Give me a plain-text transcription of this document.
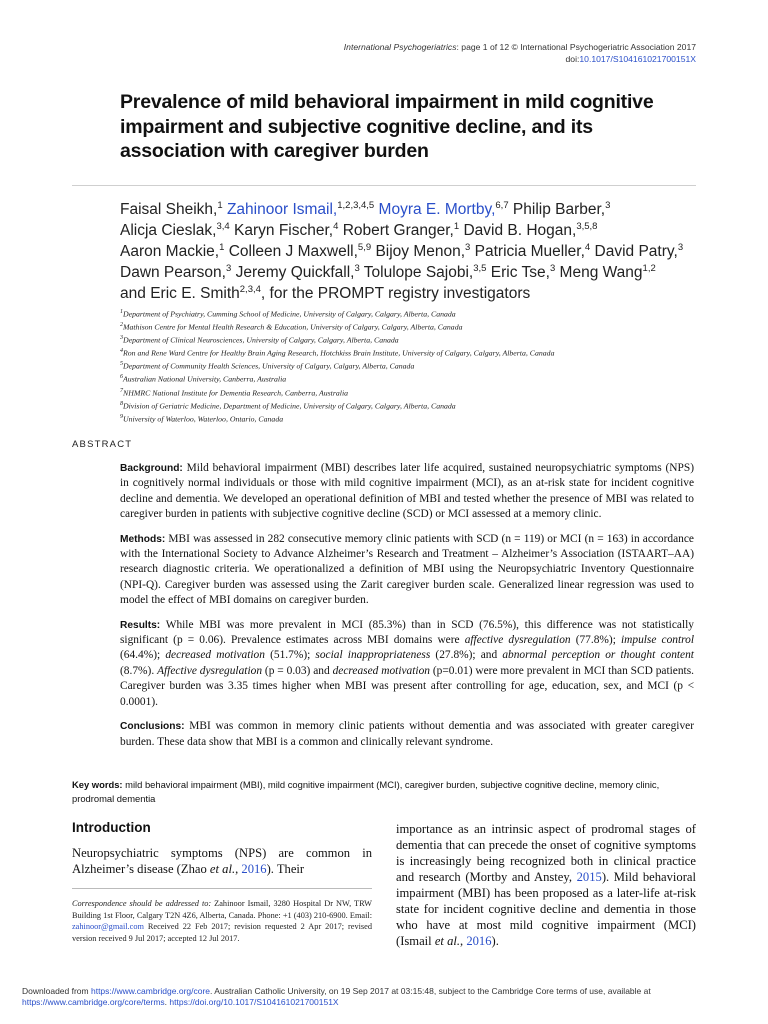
International Psychogeriatrics: page 1 of 12 © International Psychogeriatric Association 2017
doi:10.1017/S104161021700151X
Prevalence of mild behavioral impairment in mild cognitive impairment and subjective cognitive decline, and its association with caregiver burden
Faisal Sheikh,$^1$ Zahinoor Ismail,$^{1,2,3,4,5}$ Moyra E. Mortby,$^{6,7}$ Philip Barber,$^3$
Alicja Cieslak,$^{3,4}$ Karyn Fischer,$^4$ Robert Granger,$^1$ David B. Hogan,$^{3,5,8}$
Aaron Mackie,$^1$ Colleen J Maxwell,$^{5,9}$ Bijoy Menon,$^3$ Patricia Mueller,$^4$ David Patry,$^3$
Dawn Pearson,$^3$ Jeremy Quickfall,$^3$ Tolulope Sajobi,$^{3,5}$ Eric Tse,$^3$ Meng Wang$^{1,2}$
and Eric E. Smith$^{2,3,4}$, for the PROMPT registry investigators
$^1$Department of Psychiatry, Cumming School of Medicine, University of Calgary, Calgary, Alberta, Canada
$^2$Mathison Centre for Mental Health Research & Education, University of Calgary, Calgary, Alberta, Canada
$^3$Department of Clinical Neurosciences, University of Calgary, Calgary, Alberta, Canada
$^4$Ron and Rene Ward Centre for Healthy Brain Aging Research, Hotchkiss Brain Institute, University of Calgary, Calgary, Alberta, Canada
$^5$Department of Community Health Sciences, University of Calgary, Calgary, Alberta, Canada
$^6$Australian National University, Canberra, Australia
$^7$NHMRC National Institute for Dementia Research, Canberra, Australia
$^8$Division of Geriatric Medicine, Department of Medicine, University of Calgary, Calgary, Alberta, Canada
$^9$University of Waterloo, Waterloo, Ontario, Canada
ABSTRACT

Background: Mild behavioral impairment (MBI) describes later life acquired, sustained neuropsychiatric symptoms (NPS) in cognitively normal individuals or those with mild cognitive impairment (MCI), as an at-risk state for incident cognitive decline and dementia. We developed an operational definition of MBI and tested whether the presence of MBI was related to caregiver burden in patients with subjective cognitive decline (SCD) or MCI assessed at a memory clinic.

Methods: MBI was assessed in 282 consecutive memory clinic patients with SCD (n = 119) or MCI (n = 163) in accordance with the International Society to Advance Alzheimer’s Research and Treatment – Alzheimer’s Association (ISTAART–AA) research diagnostic criteria. We operationalized a definition of MBI using the Neuropsychiatric Inventory Questionnaire (NPI-Q). Caregiver burden was assessed using the Zarit caregiver burden scale. Generalized linear regression was used to model the effect of MBI domains on caregiver burden.

Results: While MBI was more prevalent in MCI (85.3%) than in SCD (76.5%), this difference was not statistically significant (p = 0.06). Prevalence estimates across MBI domains were affective dysregulation (77.8%); impulse control (64.4%); decreased motivation (51.7%); social inappropriateness (27.8%); and abnormal perception or thought content (8.7%). Affective dysregulation (p = 0.03) and decreased motivation (p=0.01) were more prevalent in MCI than SCD patients. Caregiver burden was 3.35 times higher when MBI was present after controlling for age, education, sex, and MCI (p < 0.0001).

Conclusions: MBI was common in memory clinic patients without dementia and was associated with greater caregiver burden. These data show that MBI is a common and clinically relevant syndrome.

Key words: mild behavioral impairment (MBI), mild cognitive impairment (MCI), caregiver burden, subjective cognitive decline, memory clinic, prodromal dementia
Introduction
Neuropsychiatric symptoms (NPS) are common in Alzheimer’s disease (Zhao et al., 2016). Their
Correspondence should be addressed to: Zahinoor Ismail, 3280 Hospital Dr NW, TRW Building 1st Floor, Calgary T2N 4Z6, Alberta, Canada. Phone: +1 (403) 210-6900. Email: zahinoor@gmail.com Received 22 Feb 2017; revision requested 2 Apr 2017; revised version received 9 Jul 2017; accepted 12 Jul 2017.
importance as an intrinsic aspect of prodromal stages of dementia that can precede the onset of cognitive symptoms is increasingly being recognized both in clinical practice and research (Mortby and Anstey, 2015). Mild behavioral impairment (MBI) has been proposed as a later-life at-risk state for incident cognitive decline and dementia in those who have at most mild cognitive impairment (MCI) (Ismail et al., 2016).
Downloaded from https://www.cambridge.org/core. Australian Catholic University, on 19 Sep 2017 at 03:15:48, subject to the Cambridge Core terms of use, available at
https://www.cambridge.org/core/terms. https://doi.org/10.1017/S104161021700151X
